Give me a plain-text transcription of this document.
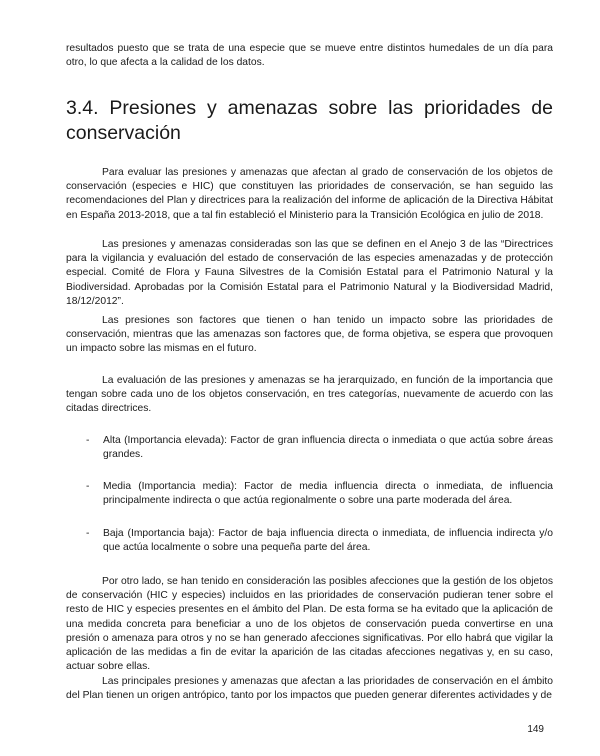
resultados puesto que se trata de una especie que se mueve entre distintos humedales de un día para otro, lo que afecta a la calidad de los datos.

3.4. Presiones y amenazas sobre las prioridades de conservación

Para evaluar las presiones y amenazas que afectan al grado de conservación de los objetos de conservación (especies e HIC) que constituyen las prioridades de conservación, se han seguido las recomendaciones del Plan y directrices para la realización del informe de aplicación de la Directiva Hábitat en España 2013-2018, que a tal fin estableció el Ministerio para la Transición Ecológica en julio de 2018.

Las presiones y amenazas consideradas son las que se definen en el Anejo 3 de las “Directrices para la vigilancia y evaluación del estado de conservación de las especies amenazadas y de protección especial. Comité de Flora y Fauna Silvestres de la Comisión Estatal para el Patrimonio Natural y la Biodiversidad. Aprobadas por la Comisión Estatal para el Patrimonio Natural y la Biodiversidad Madrid, 18/12/2012”.

Las presiones son factores que tienen o han tenido un impacto sobre las prioridades de conservación, mientras que las amenazas son factores que, de forma objetiva, se espera que provoquen un impacto sobre las mismas en el futuro.

La evaluación de las presiones y amenazas se ha jerarquizado, en función de la importancia que tengan sobre cada uno de los objetos conservación, en tres categorías, nuevamente de acuerdo con las citadas directrices.

- Alta (Importancia elevada): Factor de gran influencia directa o inmediata o que actúa sobre áreas grandes.
- Media (Importancia media): Factor de media influencia directa o inmediata, de influencia principalmente indirecta o que actúa regionalmente o sobre una parte moderada del área.
- Baja (Importancia baja): Factor de baja influencia directa o inmediata, de influencia indirecta y/o que actúa localmente o sobre una pequeña parte del área.

Por otro lado, se han tenido en consideración las posibles afecciones que la gestión de los objetos de conservación (HIC y especies) incluidos en las prioridades de conservación pudieran tener sobre el resto de HIC y especies presentes en el ámbito del Plan. De esta forma se ha evitado que la aplicación de una medida concreta para beneficiar a uno de los objetos de conservación pueda convertirse en una presión o amenaza para otros y no se han generado afecciones significativas. Por ello habrá que vigilar la aplicación de las medidas a fin de evitar la aparición de las citadas afecciones negativas y, en su caso, actuar sobre ellas.

Las principales presiones y amenazas que afectan a las prioridades de conservación en el ámbito del Plan tienen un origen antrópico, tanto por los impactos que pueden generar diferentes actividades y de

149
